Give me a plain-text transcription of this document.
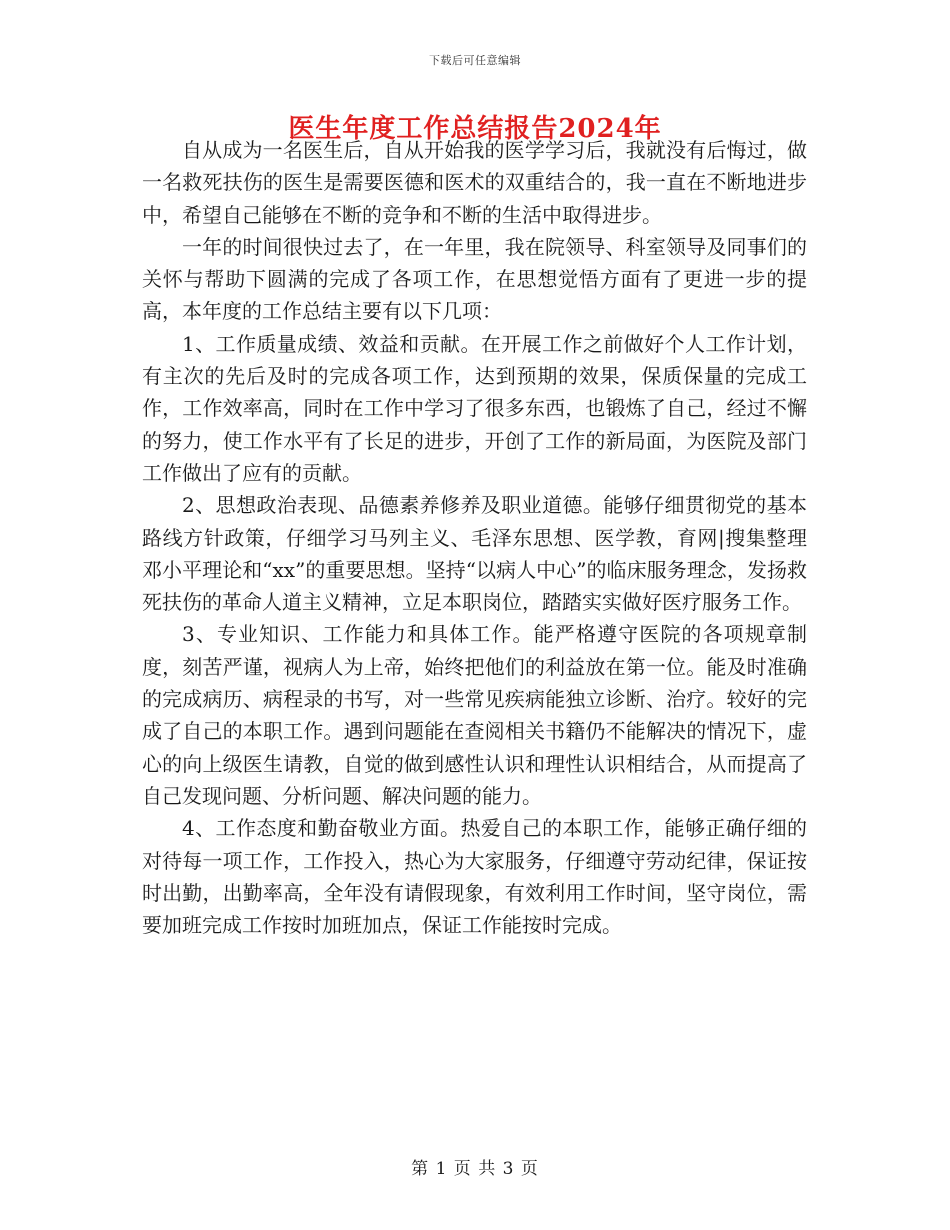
下载后可任意编辑
医生年度工作总结报告2024年

自从成为一名医生后，自从开始我的医学学习后，我就没有后悔过，做一名救死扶伤的医生是需要医德和医术的双重结合的，我一直在不断地进步中，希望自己能够在不断的竞争和不断的生活中取得进步。

一年的时间很快过去了，在一年里，我在院领导、科室领导及同事们的关怀与帮助下圆满的完成了各项工作，在思想觉悟方面有了更进一步的提高，本年度的工作总结主要有以下几项：

1、工作质量成绩、效益和贡献。在开展工作之前做好个人工作计划，有主次的先后及时的完成各项工作，达到预期的效果，保质保量的完成工作，工作效率高，同时在工作中学习了很多东西，也锻炼了自己，经过不懈的努力，使工作水平有了长足的进步，开创了工作的新局面，为医院及部门工作做出了应有的贡献。

2、思想政治表现、品德素养修养及职业道德。能够仔细贯彻党的基本路线方针政策，仔细学习马列主义、毛泽东思想、医学教，育网|搜集整理邓小平理论和“xx”的重要思想。坚持“以病人中心”的临床服务理念，发扬救死扶伤的革命人道主义精神，立足本职岗位，踏踏实实做好医疗服务工作。

3、专业知识、工作能力和具体工作。能严格遵守医院的各项规章制度，刻苦严谨，视病人为上帝，始终把他们的利益放在第一位。能及时准确的完成病历、病程录的书写，对一些常见疾病能独立诊断、治疗。较好的完成了自己的本职工作。遇到问题能在查阅相关书籍仍不能解决的情况下，虚心的向上级医生请教，自觉的做到感性认识和理性认识相结合，从而提高了自己发现问题、分析问题、解决问题的能力。

4、工作态度和勤奋敬业方面。热爱自己的本职工作，能够正确仔细的对待每一项工作，工作投入，热心为大家服务，仔细遵守劳动纪律，保证按时出勤，出勤率高，全年没有请假现象，有效利用工作时间，坚守岗位，需要加班完成工作按时加班加点，保证工作能按时完成。

第 1 页 共 3 页
